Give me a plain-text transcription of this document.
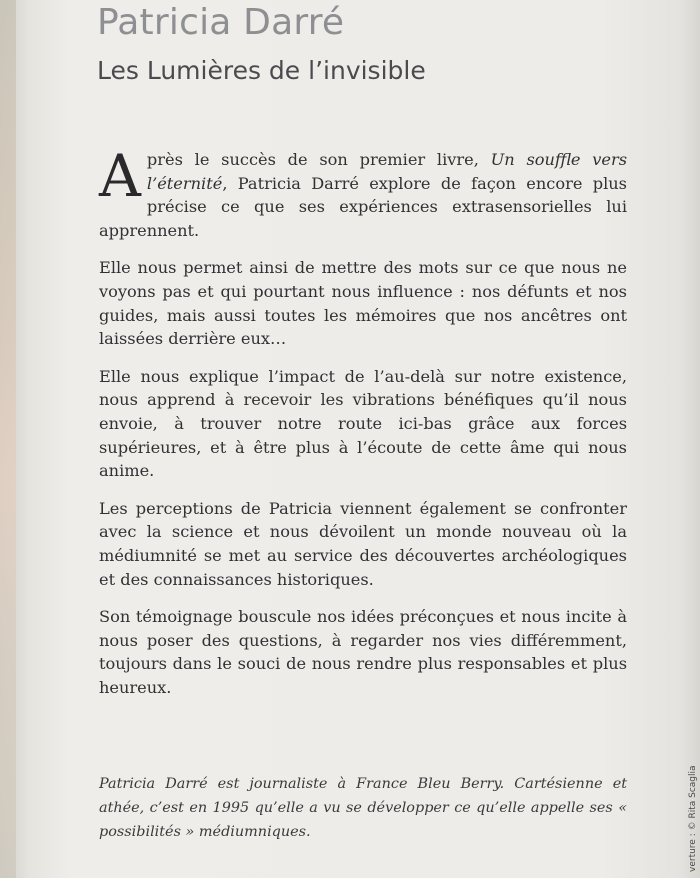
Patricia Darré
Les Lumières de l’invisible

Après le succès de son premier livre, Un souffle vers l’éternité, Patricia Darré explore de façon encore plus précise ce que ses expériences extrasensorielles lui apprennent.

Elle nous permet ainsi de mettre des mots sur ce que nous ne voyons pas et qui pourtant nous influence : nos défunts et nos guides, mais aussi toutes les mémoires que nos ancêtres ont laissées derrière eux…

Elle nous explique l’impact de l’au-delà sur notre existence, nous apprend à recevoir les vibrations bénéfiques qu’il nous envoie, à trouver notre route ici-bas grâce aux forces supérieures, et à être plus à l’écoute de cette âme qui nous anime.

Les perceptions de Patricia viennent également se confronter avec la science et nous dévoilent un monde nouveau où la médiumnité se met au service des découvertes archéologiques et des connaissances historiques.

Son témoignage bouscule nos idées préconçues et nous incite à nous poser des questions, à regarder nos vies différemment, toujours dans le souci de nous rendre plus responsables et plus heureux.

Patricia Darré est journaliste à France Bleu Berry. Cartésienne et athée, c’est en 1995 qu’elle a vu se développer ce qu’elle appelle ses « possibilités » médiumniques.	verture : © Rita Scaglia
